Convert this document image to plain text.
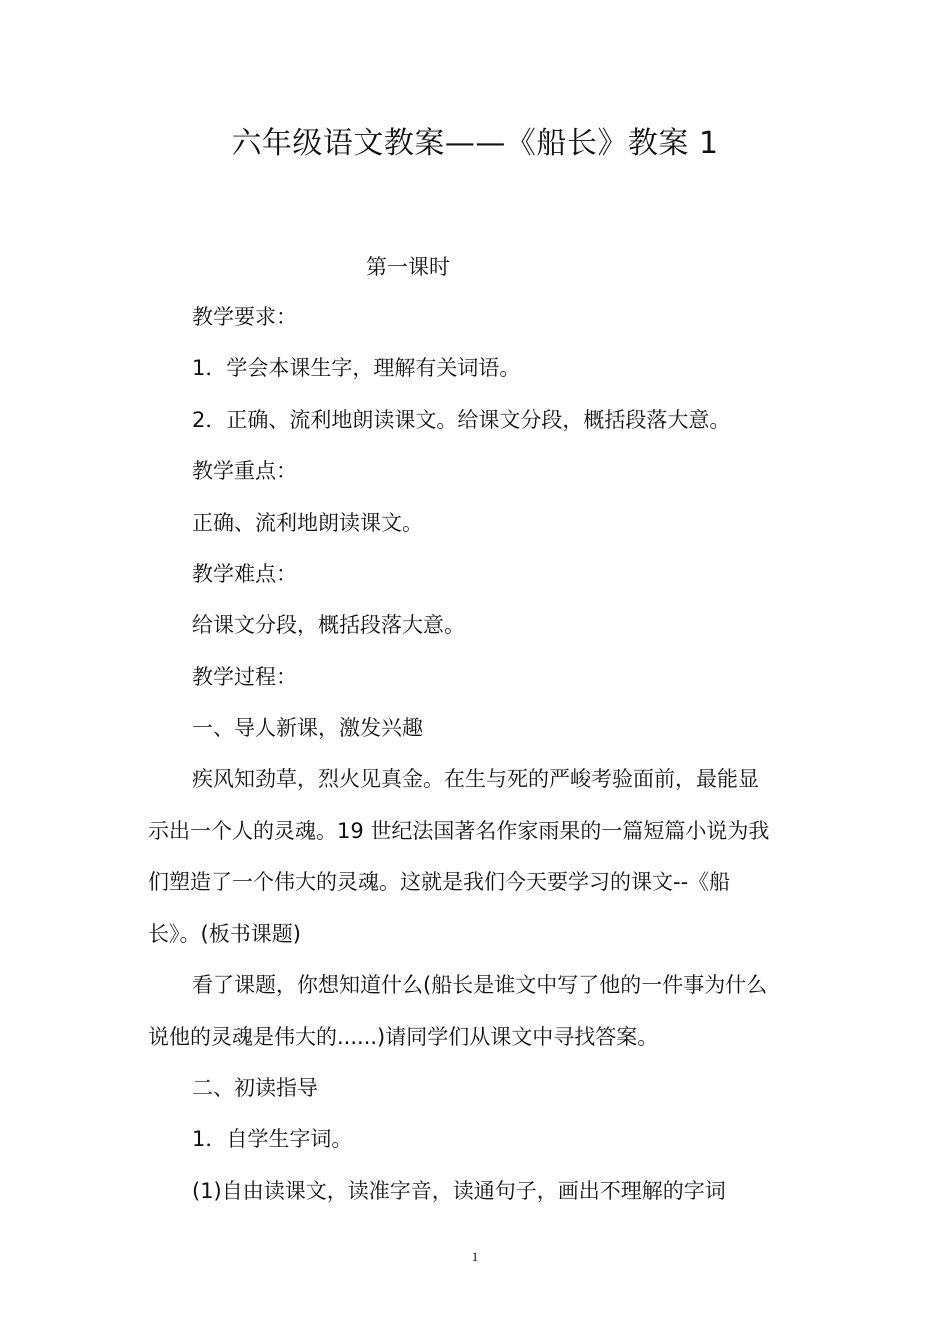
六年级语文教案——《船长》教案 1
第一课时
教学要求：
1．学会本课生字，理解有关词语。
2．正确、流利地朗读课文。给课文分段，概括段落大意。
教学重点：
正确、流利地朗读课文。
教学难点：
给课文分段，概括段落大意。
教学过程：
一、导人新课，激发兴趣
疾风知劲草，烈火见真金。在生与死的严峻考验面前，最能显
示出一个人的灵魂。19 世纪法国著名作家雨果的一篇短篇小说为我
们塑造了一个伟大的灵魂。这就是我们今天要学习的课文--《船
长》。(板书课题)
看了课题，你想知道什么(船长是谁文中写了他的一件事为什么
说他的灵魂是伟大的......)请同学们从课文中寻找答案。
二、初读指导
1．自学生字词。
(1)自由读课文，读准字音，读通句子，画出不理解的字词
1
